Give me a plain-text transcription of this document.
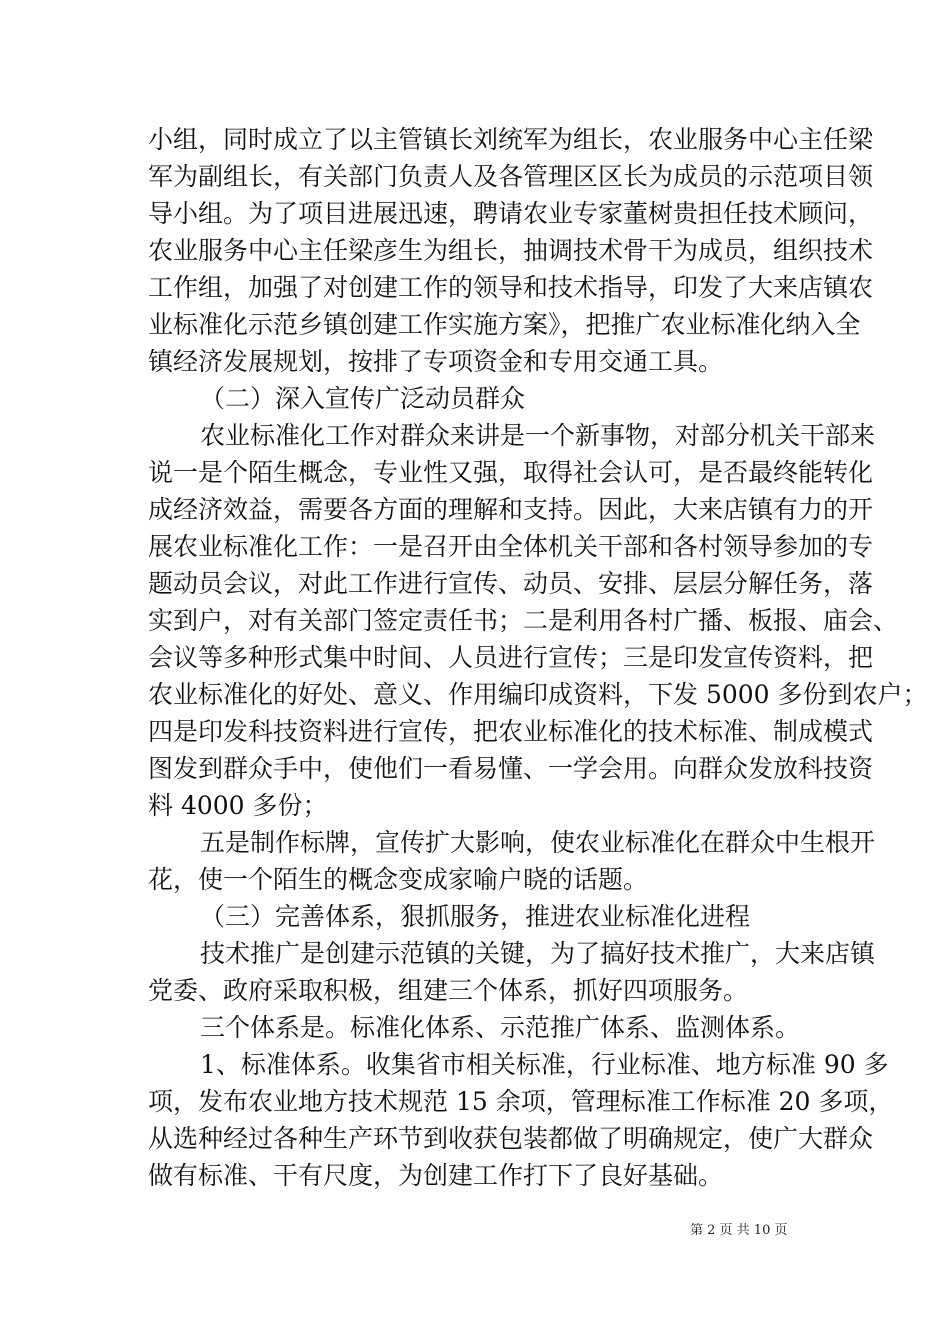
小组，同时成立了以主管镇长刘统军为组长，农业服务中心主任梁
军为副组长，有关部门负责人及各管理区区长为成员的示范项目领
导小组。为了项目进展迅速，聘请农业专家董树贵担任技术顾问，
农业服务中心主任梁彦生为组长，抽调技术骨干为成员，组织技术
工作组，加强了对创建工作的领导和技术指导，印发了大来店镇农
业标准化示范乡镇创建工作实施方案》，把推广农业标准化纳入全
镇经济发展规划，按排了专项资金和专用交通工具。
（二）深入宣传广泛动员群众
农业标准化工作对群众来讲是一个新事物，对部分机关干部来
说一是个陌生概念，专业性又强，取得社会认可，是否最终能转化
成经济效益，需要各方面的理解和支持。因此，大来店镇有力的开
展农业标准化工作：一是召开由全体机关干部和各村领导参加的专
题动员会议，对此工作进行宣传、动员、安排、层层分解任务，落
实到户，对有关部门签定责任书；二是利用各村广播、板报、庙会、
会议等多种形式集中时间、人员进行宣传；三是印发宣传资料，把
农业标准化的好处、意义、作用编印成资料，下发 5000 多份到农户；
四是印发科技资料进行宣传，把农业标准化的技术标准、制成模式
图发到群众手中，使他们一看易懂、一学会用。向群众发放科技资
料 4000 多份；
五是制作标牌，宣传扩大影响，使农业标准化在群众中生根开
花，使一个陌生的概念变成家喻户晓的话题。
（三）完善体系，狠抓服务，推进农业标准化进程
技术推广是创建示范镇的关键，为了搞好技术推广，大来店镇
党委、政府采取积极，组建三个体系，抓好四项服务。
三个体系是。标准化体系、示范推广体系、监测体系。
1、标准体系。收集省市相关标准，行业标准、地方标准 90 多
项，发布农业地方技术规范 15 余项，管理标准工作标准 20 多项，
从选种经过各种生产环节到收获包装都做了明确规定，使广大群众
做有标准、干有尺度，为创建工作打下了良好基础。
第 2 页 共 10 页
